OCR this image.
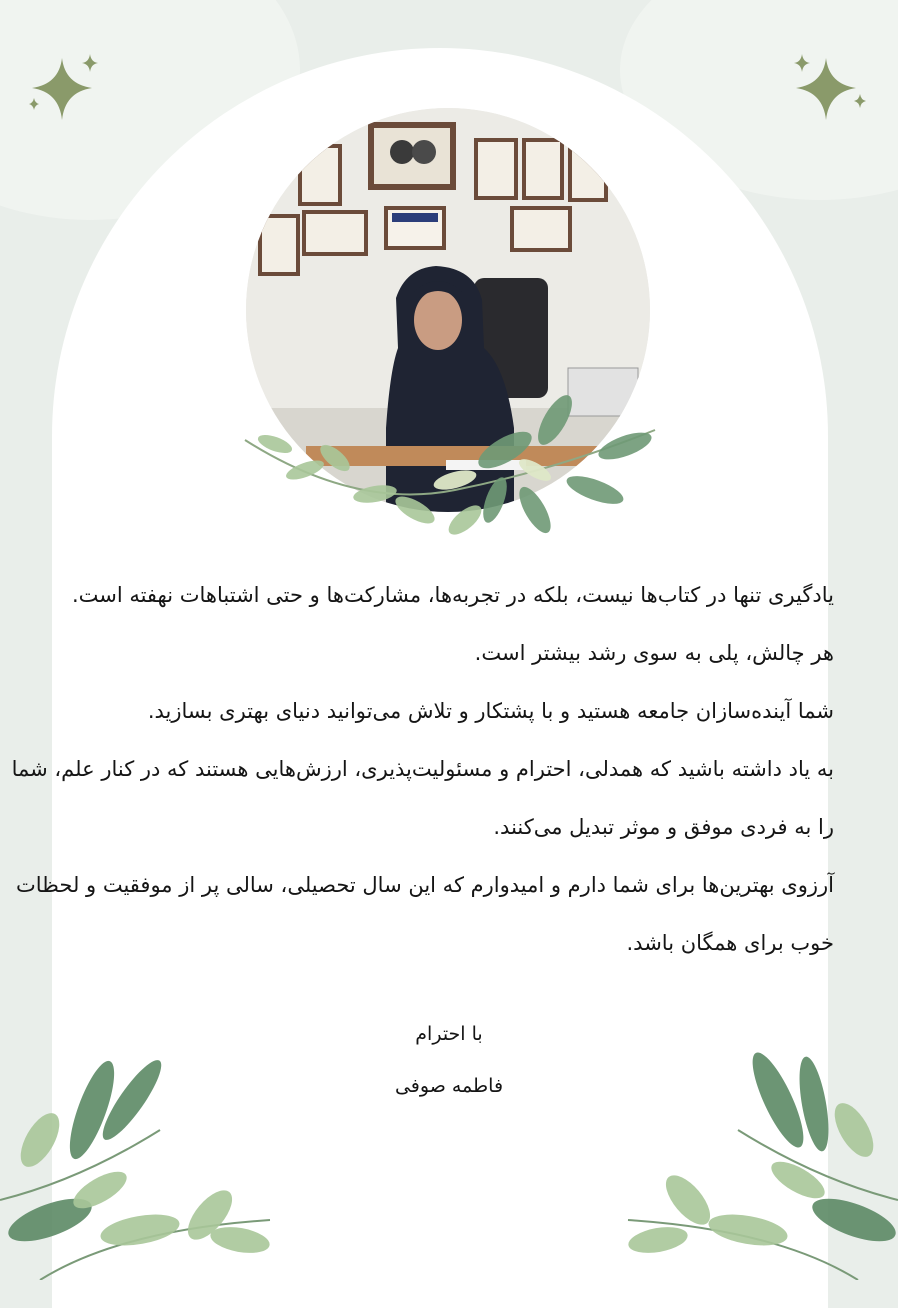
یادگیری تنها در کتاب‌ها نیست، بلکه در تجربه‌ها، مشارکت‌ها و حتی اشتباهات نهفته است.

هر چالش، پلی به سوی رشد بیشتر است.

شما آینده‌سازان جامعه هستید و با پشتکار و تلاش می‌توانید دنیای بهتری بسازید.

به یاد داشته باشید که همدلی، احترام و مسئولیت‌پذیری، ارزش‌هایی هستند که در کنار علم، شما

را به فردی موفق و موثر تبدیل می‌کنند.

آرزوی بهترین‌ها برای شما دارم و امیدوارم که این سال تحصیلی، سالی پر از موفقیت و لحظات

خوب برای همگان باشد.

با احترام
فاطمه صوفی
